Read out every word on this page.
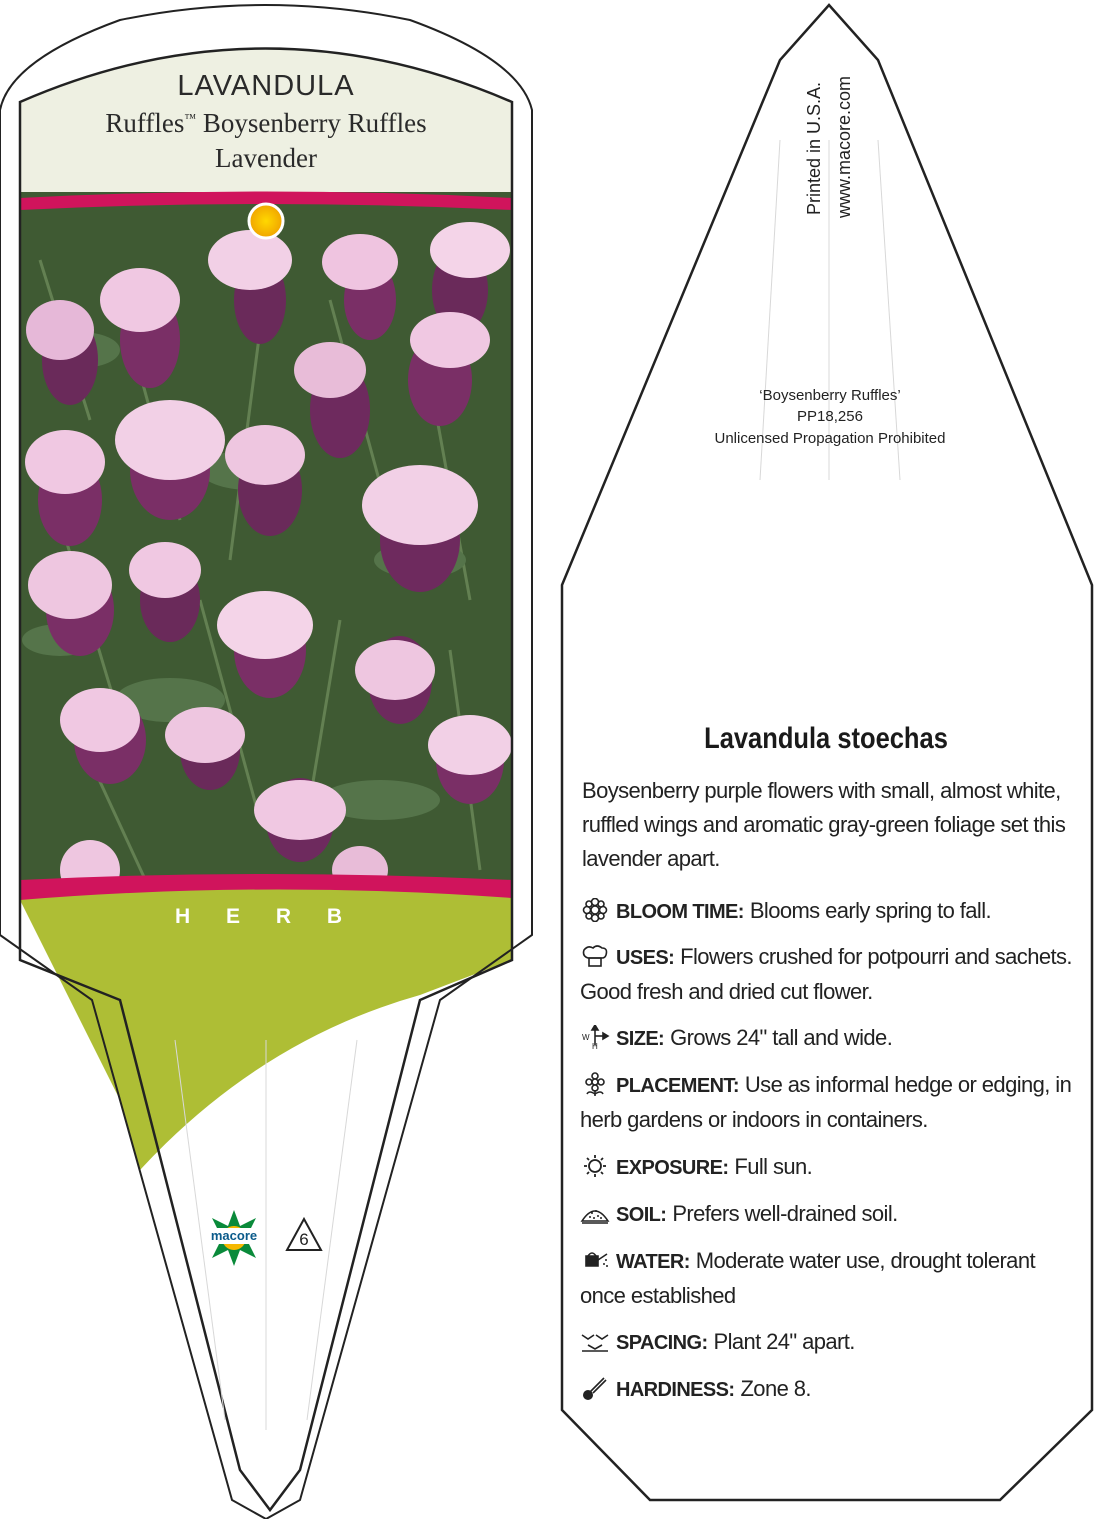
LAVANDULA
Ruffles™ Boysenberry Ruffles
Lavender
H E R B
macore	6
Printed in U.S.A. www.macore.com
‘Boysenberry Ruffles’
PP18,256
Unlicensed Propagation Prohibited
Lavandula stoechas
Boysenberry purple flowers with small, almost white, ruffled wings and aromatic gray-green foliage set this lavender apart.
BLOOM TIME: Blooms early spring to fall.
USES: Flowers crushed for potpourri and sachets. Good fresh and dried cut flower.
W
H SIZE: Grows 24" tall and wide.
PLACEMENT: Use as informal hedge or edging, in herb gardens or indoors in containers.
EXPOSURE: Full sun.
SOIL: Prefers well-drained soil.
WATER: Moderate water use, drought tolerant once established
SPACING: Plant 24" apart.
HARDINESS: Zone 8.
